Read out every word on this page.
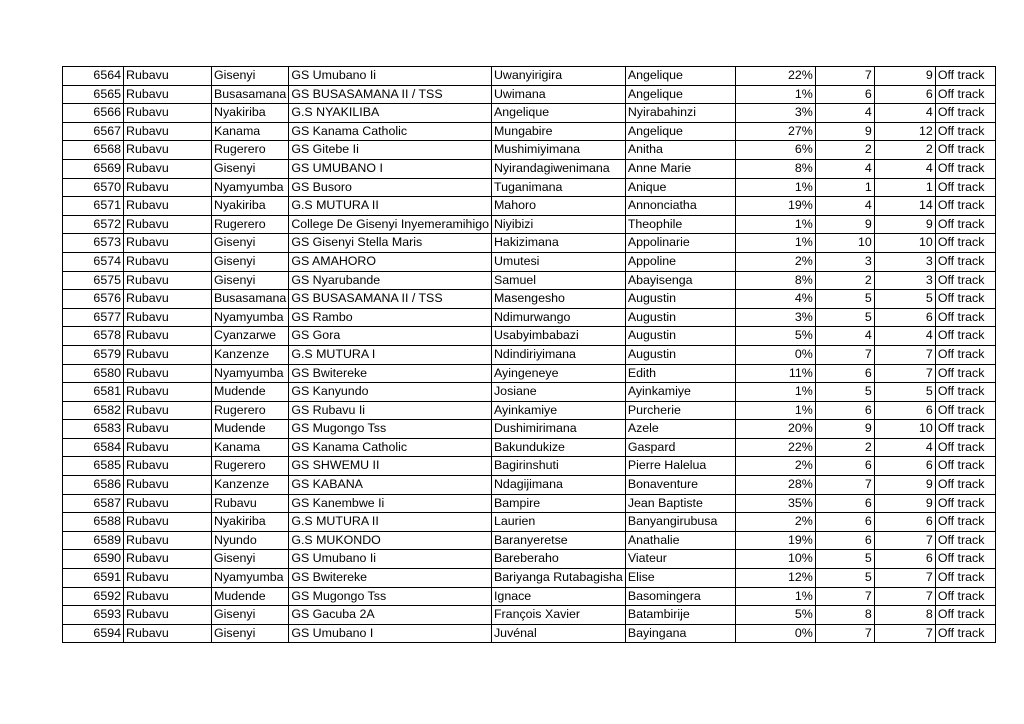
6564	Rubavu	Gisenyi	GS Umubano Ii	Uwanyirigira	Angelique	22%	7	9	Off track
6565	Rubavu	Busasamana	GS BUSASAMANA II / TSS	Uwimana	Angelique	1%	6	6	Off track
6566	Rubavu	Nyakiriba	G.S NYAKILIBA	Angelique	Nyirabahinzi	3%	4	4	Off track
6567	Rubavu	Kanama	GS Kanama Catholic	Mungabire	Angelique	27%	9	12	Off track
6568	Rubavu	Rugerero	GS Gitebe Ii	Mushimiyimana	Anitha	6%	2	2	Off track
6569	Rubavu	Gisenyi	GS UMUBANO I	Nyirandagiwenimana	Anne Marie	8%	4	4	Off track
6570	Rubavu	Nyamyumba	GS Busoro	Tuganimana	Anique	1%	1	1	Off track
6571	Rubavu	Nyakiriba	G.S MUTURA II	Mahoro	Annonciatha	19%	4	14	Off track
6572	Rubavu	Rugerero	College De Gisenyi Inyemeramihigo	Niyibizi	Theophile	1%	9	9	Off track
6573	Rubavu	Gisenyi	GS Gisenyi Stella Maris	Hakizimana	Appolinarie	1%	10	10	Off track
6574	Rubavu	Gisenyi	GS AMAHORO	Umutesi	Appoline	2%	3	3	Off track
6575	Rubavu	Gisenyi	GS Nyarubande	Samuel	Abayisenga	8%	2	3	Off track
6576	Rubavu	Busasamana	GS BUSASAMANA II / TSS	Masengesho	Augustin	4%	5	5	Off track
6577	Rubavu	Nyamyumba	GS Rambo	Ndimurwango	Augustin	3%	5	6	Off track
6578	Rubavu	Cyanzarwe	GS Gora	Usabyimbabazi	Augustin	5%	4	4	Off track
6579	Rubavu	Kanzenze	G.S MUTURA I	Ndindiriyimana	Augustin	0%	7	7	Off track
6580	Rubavu	Nyamyumba	GS Bwitereke	Ayingeneye	Edith	11%	6	7	Off track
6581	Rubavu	Mudende	GS Kanyundo	Josiane	Ayinkamiye	1%	5	5	Off track
6582	Rubavu	Rugerero	GS Rubavu Ii	Ayinkamiye	Purcherie	1%	6	6	Off track
6583	Rubavu	Mudende	GS Mugongo Tss	Dushimirimana	Azele	20%	9	10	Off track
6584	Rubavu	Kanama	GS Kanama Catholic	Bakundukize	Gaspard	22%	2	4	Off track
6585	Rubavu	Rugerero	GS SHWEMU II	Bagirinshuti	Pierre Halelua	2%	6	6	Off track
6586	Rubavu	Kanzenze	GS KABANA	Ndagijimana	Bonaventure	28%	7	9	Off track
6587	Rubavu	Rubavu	GS Kanembwe Ii	Bampire	Jean Baptiste	35%	6	9	Off track
6588	Rubavu	Nyakiriba	G.S MUTURA II	Laurien	Banyangirubusa	2%	6	6	Off track
6589	Rubavu	Nyundo	G.S MUKONDO	Baranyeretse	Anathalie	19%	6	7	Off track
6590	Rubavu	Gisenyi	GS Umubano Ii	Bareberaho	Viateur	10%	5	6	Off track
6591	Rubavu	Nyamyumba	GS Bwitereke	Bariyanga Rutabagisha	Elise	12%	5	7	Off track
6592	Rubavu	Mudende	GS Mugongo Tss	Ignace	Basomingera	1%	7	7	Off track
6593	Rubavu	Gisenyi	GS Gacuba 2A	François Xavier	Batambirije	5%	8	8	Off track
6594	Rubavu	Gisenyi	GS Umubano I	Juvénal	Bayingana	0%	7	7	Off track
